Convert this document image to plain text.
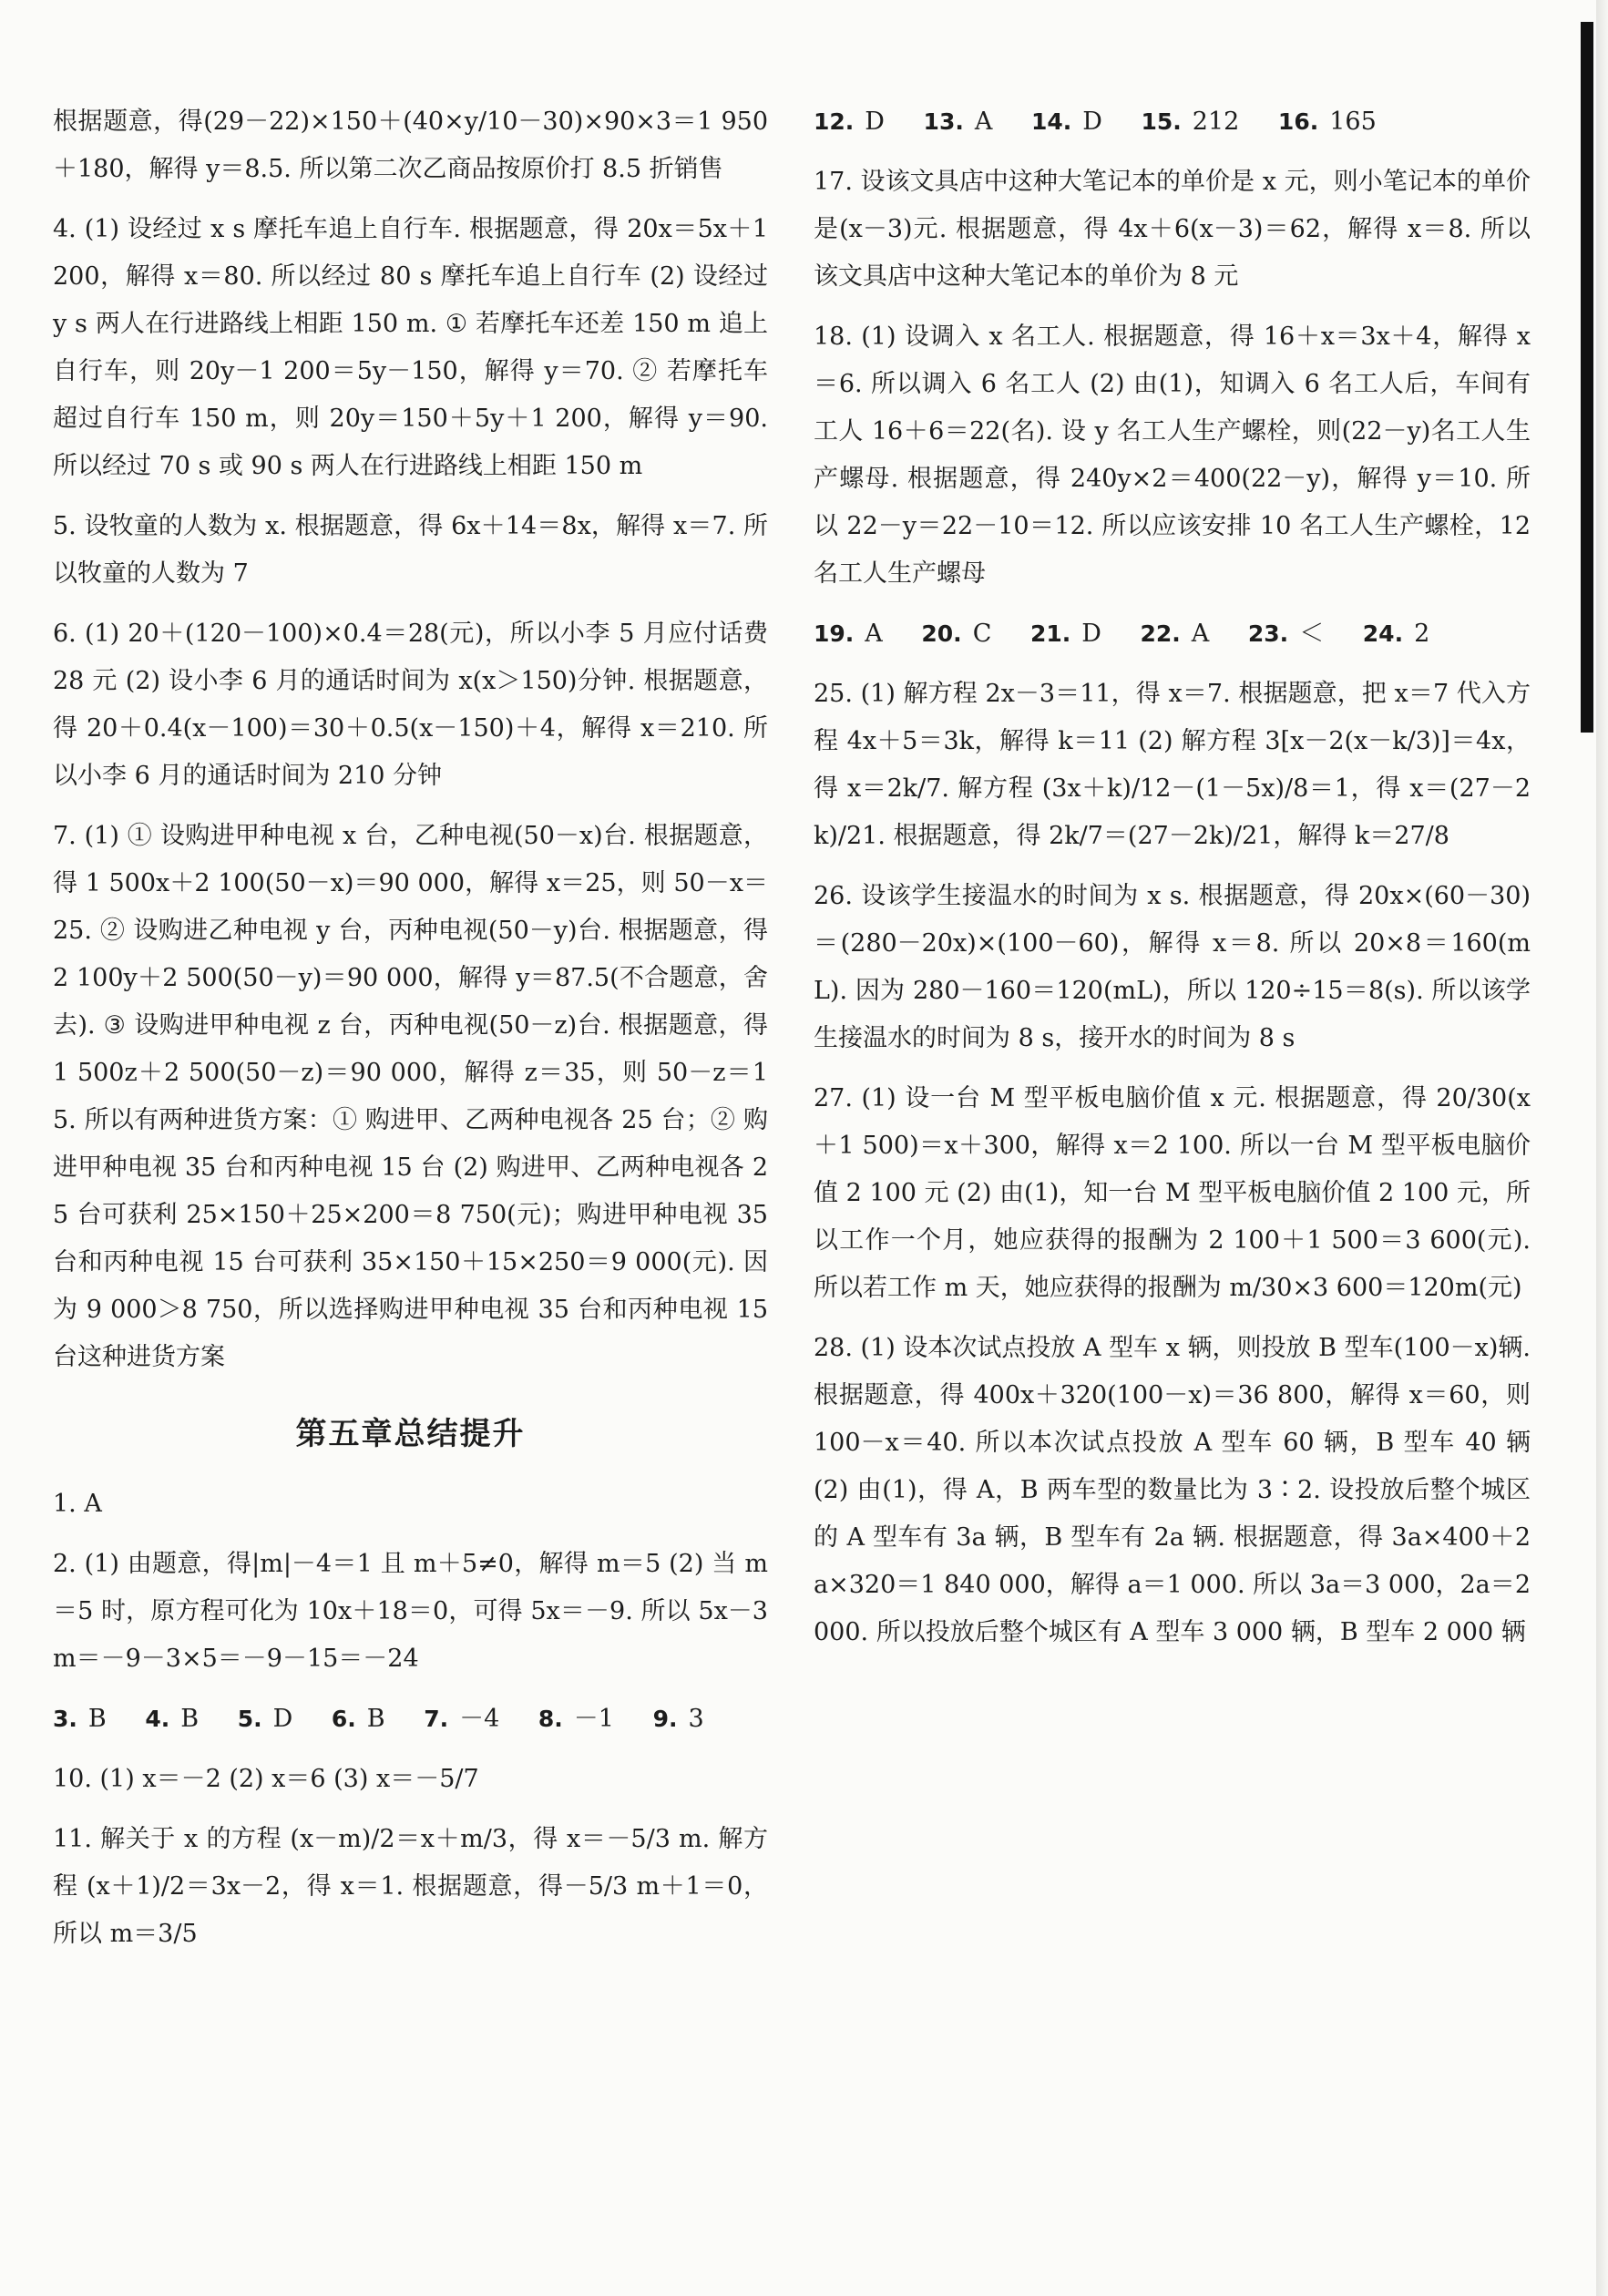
根据题意，得(29－22)×150＋(40×y/10－30)×90×3＝1 950＋180，解得 y＝8.5. 所以第二次乙商品按原价打 8.5 折销售

4. (1) 设经过 x s 摩托车追上自行车. 根据题意，得 20x＝5x＋1 200，解得 x＝80. 所以经过 80 s 摩托车追上自行车 (2) 设经过 y s 两人在行进路线上相距 150 m. ① 若摩托车还差 150 m 追上自行车，则 20y－1 200＝5y－150，解得 y＝70. ② 若摩托车超过自行车 150 m，则 20y＝150＋5y＋1 200，解得 y＝90. 所以经过 70 s 或 90 s 两人在行进路线上相距 150 m

5. 设牧童的人数为 x. 根据题意，得 6x＋14＝8x，解得 x＝7. 所以牧童的人数为 7

6. (1) 20＋(120－100)×0.4＝28(元)，所以小李 5 月应付话费 28 元 (2) 设小李 6 月的通话时间为 x(x＞150)分钟. 根据题意，得 20＋0.4(x－100)＝30＋0.5(x－150)＋4，解得 x＝210. 所以小李 6 月的通话时间为 210 分钟

7. (1) ① 设购进甲种电视 x 台，乙种电视(50－x)台. 根据题意，得 1 500x＋2 100(50－x)＝90 000，解得 x＝25，则 50－x＝25. ② 设购进乙种电视 y 台，丙种电视(50－y)台. 根据题意，得 2 100y＋2 500(50－y)＝90 000，解得 y＝87.5(不合题意，舍去). ③ 设购进甲种电视 z 台，丙种电视(50－z)台. 根据题意，得 1 500z＋2 500(50－z)＝90 000，解得 z＝35，则 50－z＝15. 所以有两种进货方案：① 购进甲、乙两种电视各 25 台；② 购进甲种电视 35 台和丙种电视 15 台 (2) 购进甲、乙两种电视各 25 台可获利 25×150＋25×200＝8 750(元)；购进甲种电视 35 台和丙种电视 15 台可获利 35×150＋15×250＝9 000(元). 因为 9 000＞8 750，所以选择购进甲种电视 35 台和丙种电视 15 台这种进货方案

第五章总结提升

1. A

2. (1) 由题意，得|m|－4＝1 且 m＋5≠0，解得 m＝5 (2) 当 m＝5 时，原方程可化为 10x＋18＝0，可得 5x＝－9. 所以 5x－3m＝－9－3×5＝－9－15＝－24

3. B 4. B 5. D 6. B 7. －4 8. －1 9. 3

10. (1) x＝－2 (2) x＝6 (3) x＝－5/7

11. 解关于 x 的方程 (x－m)/2＝x＋m/3，得 x＝－5/3 m. 解方程 (x＋1)/2＝3x－2，得 x＝1. 根据题意，得－5/3 m＋1＝0，所以 m＝3/5

12. D 13. A 14. D 15. 212 16. 165

17. 设该文具店中这种大笔记本的单价是 x 元，则小笔记本的单价是(x－3)元. 根据题意，得 4x＋6(x－3)＝62，解得 x＝8. 所以该文具店中这种大笔记本的单价为 8 元

18. (1) 设调入 x 名工人. 根据题意，得 16＋x＝3x＋4，解得 x＝6. 所以调入 6 名工人 (2) 由(1)，知调入 6 名工人后，车间有工人 16＋6＝22(名). 设 y 名工人生产螺栓，则(22－y)名工人生产螺母. 根据题意，得 240y×2＝400(22－y)，解得 y＝10. 所以 22－y＝22－10＝12. 所以应该安排 10 名工人生产螺栓，12 名工人生产螺母

19. A 20. C 21. D 22. A 23. ＜ 24. 2

25. (1) 解方程 2x－3＝11，得 x＝7. 根据题意，把 x＝7 代入方程 4x＋5＝3k，解得 k＝11 (2) 解方程 3[x－2(x－k/3)]＝4x，得 x＝2k/7. 解方程 (3x＋k)/12－(1－5x)/8＝1，得 x＝(27－2k)/21. 根据题意，得 2k/7＝(27－2k)/21，解得 k＝27/8

26. 设该学生接温水的时间为 x s. 根据题意，得 20x×(60－30)＝(280－20x)×(100－60)，解得 x＝8. 所以 20×8＝160(mL). 因为 280－160＝120(mL)，所以 120÷15＝8(s). 所以该学生接温水的时间为 8 s，接开水的时间为 8 s

27. (1) 设一台 M 型平板电脑价值 x 元. 根据题意，得 20/30(x＋1 500)＝x＋300，解得 x＝2 100. 所以一台 M 型平板电脑价值 2 100 元 (2) 由(1)，知一台 M 型平板电脑价值 2 100 元，所以工作一个月，她应获得的报酬为 2 100＋1 500＝3 600(元). 所以若工作 m 天，她应获得的报酬为 m/30×3 600＝120m(元)

28. (1) 设本次试点投放 A 型车 x 辆，则投放 B 型车(100－x)辆. 根据题意，得 400x＋320(100－x)＝36 800，解得 x＝60，则 100－x＝40. 所以本次试点投放 A 型车 60 辆，B 型车 40 辆 (2) 由(1)，得 A，B 两车型的数量比为 3∶2. 设投放后整个城区的 A 型车有 3a 辆，B 型车有 2a 辆. 根据题意，得 3a×400＋2a×320＝1 840 000，解得 a＝1 000. 所以 3a＝3 000，2a＝2 000. 所以投放后整个城区有 A 型车 3 000 辆，B 型车 2 000 辆
